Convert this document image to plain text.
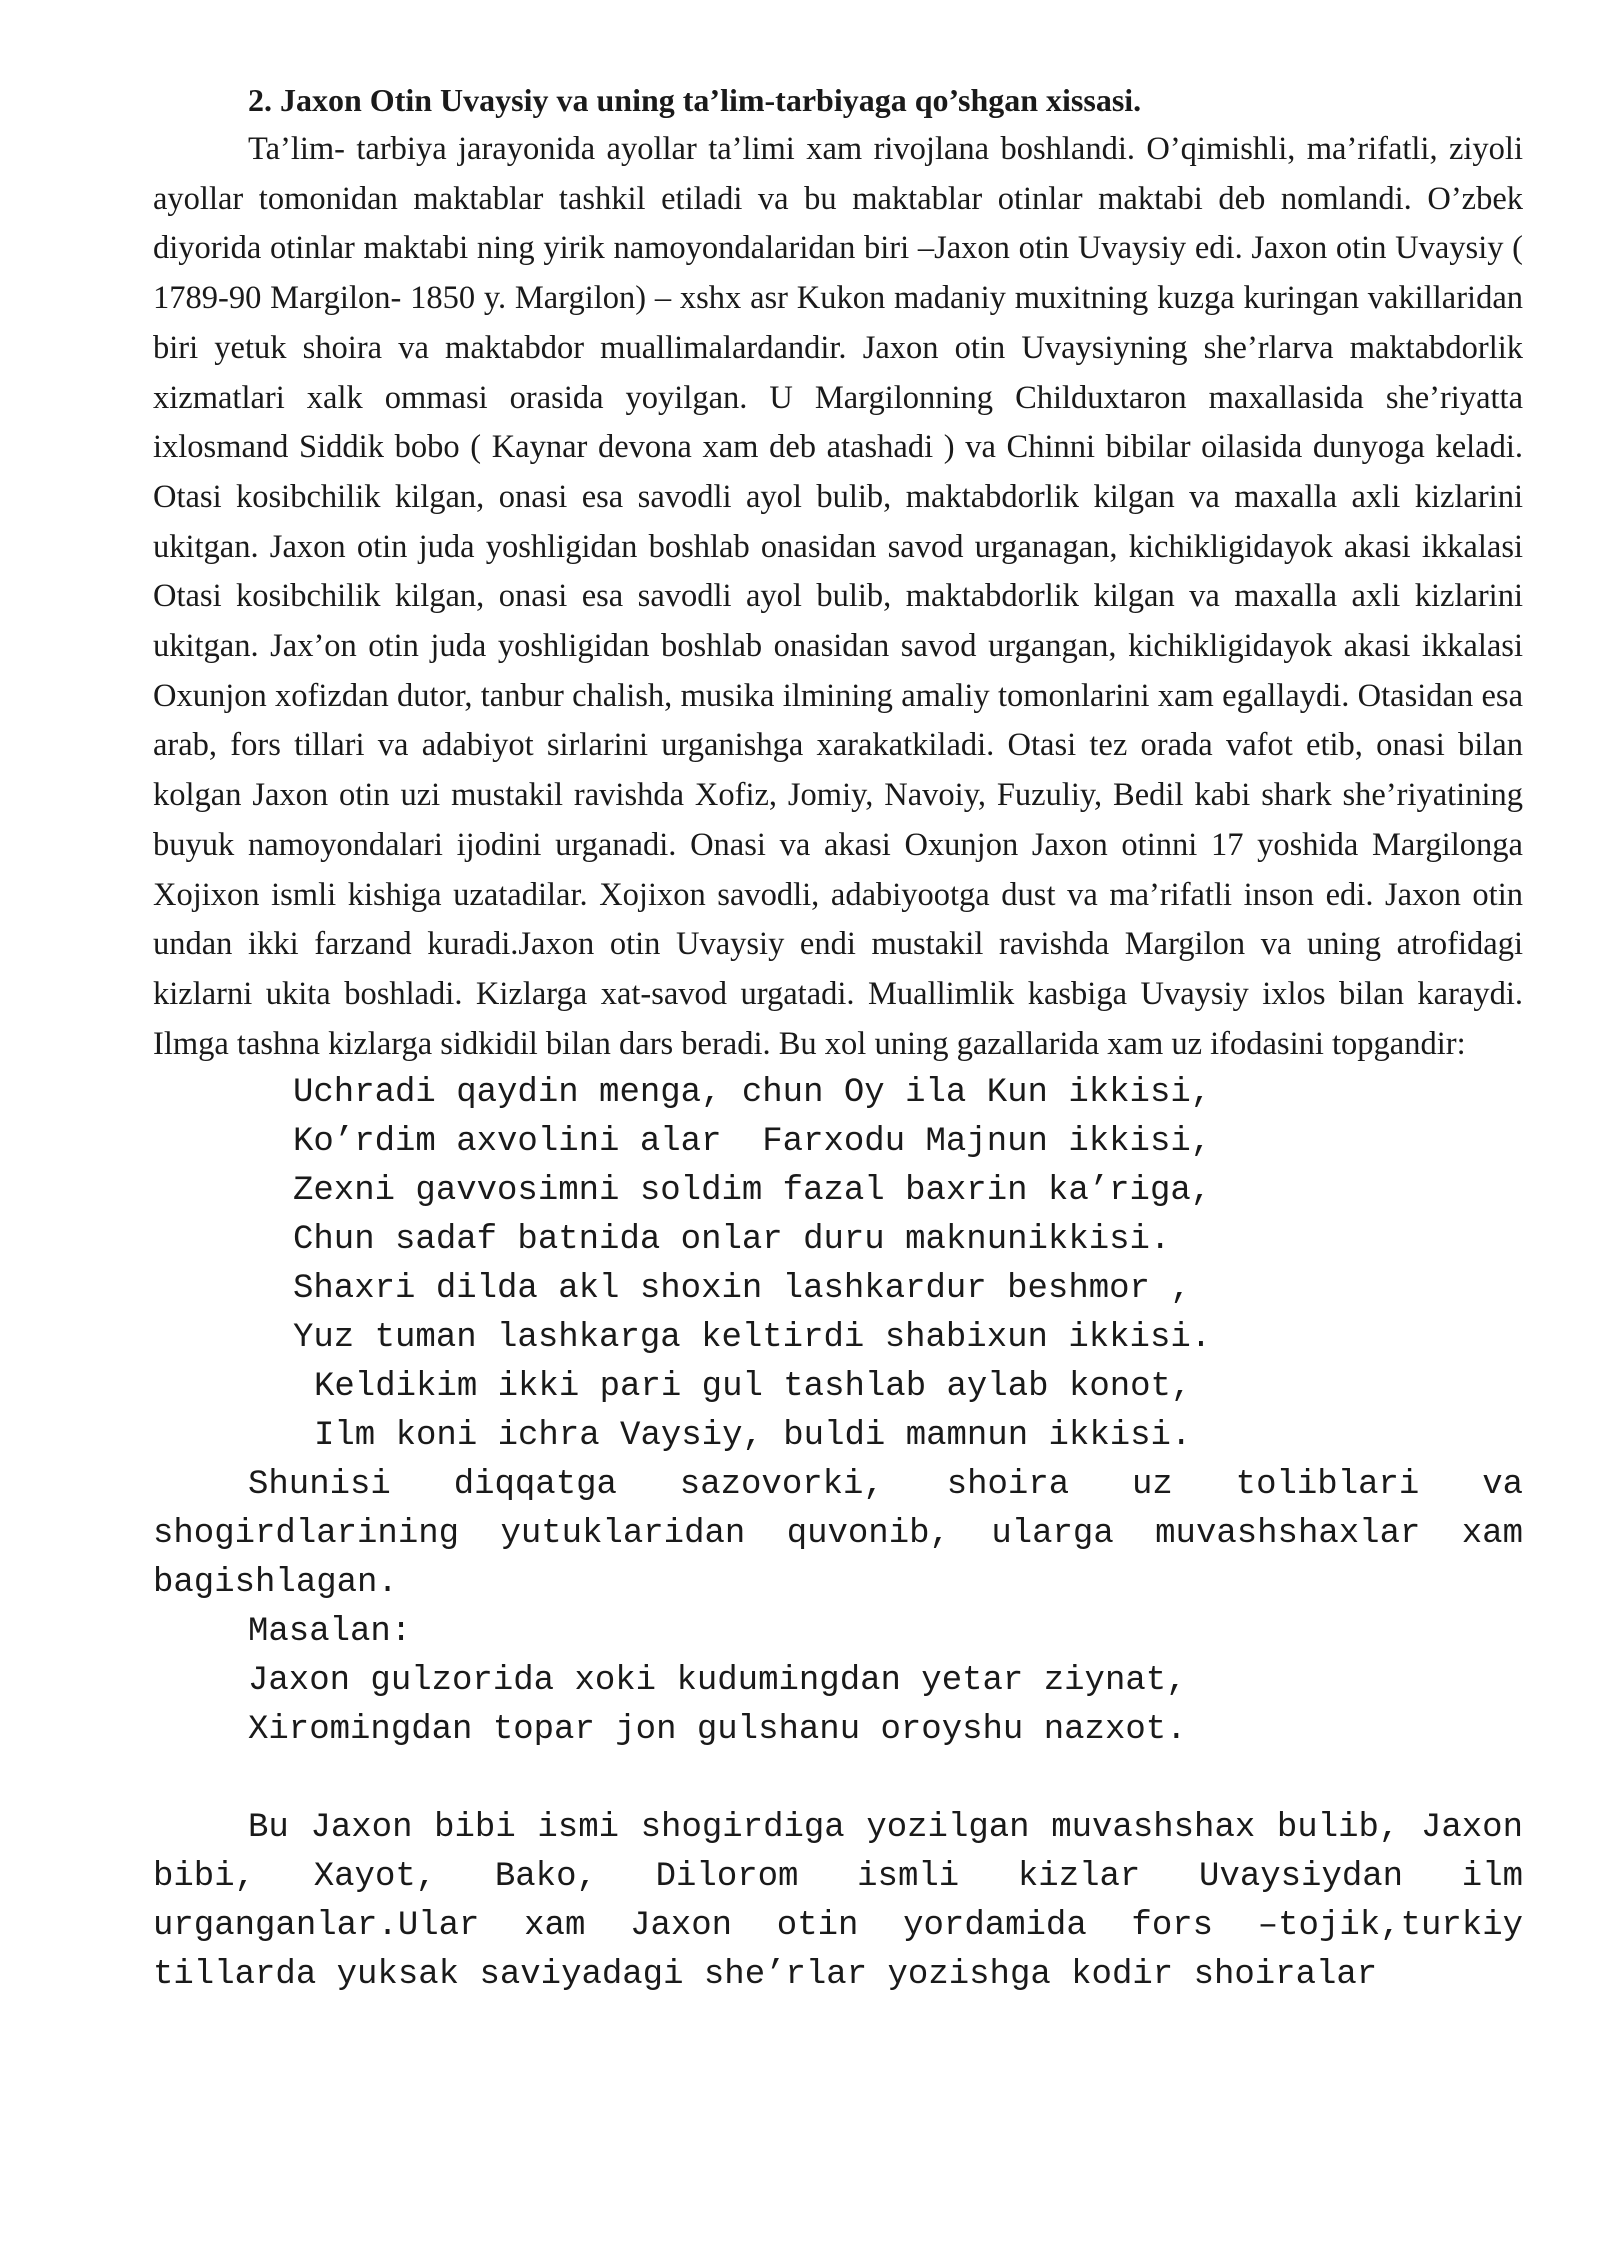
2. Jaxon Otin Uvaysiy va uning ta’lim-tarbiyaga qo’shgan xissasi.

Ta’lim- tarbiya jarayonida ayollar ta’limi xam rivojlana boshlandi. O’qimishli, ma’rifatli, ziyoli ayollar tomonidan maktablar tashkil etiladi va bu maktablar otinlar maktabi deb nomlandi. O’zbek diyorida otinlar maktabi ning yirik namoyondalaridan biri –Jaxon otin Uvaysiy edi. Jaxon otin Uvaysiy ( 1789-90 Margilon- 1850 y. Margilon) – xshx asr Kukon madaniy muxitning kuzga kuringan vakillaridan biri yetuk shoira va maktabdor muallimalardandir. Jaxon otin Uvaysiyning she’rlarva maktabdorlik xizmatlari xalk ommasi orasida yoyilgan. U Margilonning Childuxtaron maxallasida she’riyatta ixlosmand Siddik bobo ( Kaynar devona xam deb atashadi ) va Chinni bibilar oilasida dunyoga keladi. Otasi kosibchilik kilgan, onasi esa savodli ayol bulib, maktabdorlik kilgan va maxalla axli kizlarini ukitgan. Jaxon otin juda yoshligidan boshlab onasidan savod urganagan, kichikligidayok akasi ikkalasi Otasi kosibchilik kilgan, onasi esa savodli ayol bulib, maktabdorlik kilgan va maxalla axli kizlarini ukitgan. Jax’on otin juda yoshligidan boshlab onasidan savod urgangan, kichikligidayok akasi ikkalasi Oxunjon xofizdan dutor, tanbur chalish, musika ilmining amaliy tomonlarini xam egallaydi. Otasidan esa arab, fors tillari va adabiyot sirlarini urganishga xarakatkiladi. Otasi tez orada vafot etib, onasi bilan kolgan Jaxon otin uzi mustakil ravishda Xofiz, Jomiy, Navoiy, Fuzuliy, Bedil kabi shark she’riyatining buyuk namoyondalari ijodini urganadi. Onasi va akasi Oxunjon Jaxon otinni 17 yoshida Margilonga Xojixon ismli kishiga uzatadilar. Xojixon savodli, adabiyootga dust va ma’rifatli inson edi. Jaxon otin undan ikki farzand kuradi.Jaxon otin Uvaysiy endi mustakil ravishda Margilon va uning atrofidagi kizlarni ukita boshladi. Kizlarga xat-savod urgatadi. Muallimlik kasbiga Uvaysiy ixlos bilan karaydi. Ilmga tashna kizlarga sidkidil bilan dars beradi. Bu xol uning gazallarida xam uz ifodasini topgandir:

Uchradi qaydin menga, chun Oy ila Kun ikkisi,
Ko’rdim axvolini alar  Farxodu Majnun ikkisi,
Zexni gavvosimni soldim fazal baxrin ka’riga,
Chun sadaf batnida onlar duru maknunikkisi.
Shaxri dilda akl shoxin lashkardur beshmor ,
Yuz tuman lashkarga keltirdi shabixun ikkisi.
Keldikim ikki pari gul tashlab aylab konot,
Ilm koni ichra Vaysiy, buldi mamnun ikkisi.

Shunisi diqqatga sazovorki, shoira uz toliblari va shogirdlarining yutuklaridan quvonib, ularga muvashshaxlar xam bagishlagan.

Masalan:

Jaxon gulzorida xoki kudumingdan yetar ziynat,

Xiromingdan topar jon gulshanu oroyshu nazxot.

Bu Jaxon bibi ismi shogirdiga yozilgan muvashshax bulib, Jaxon bibi, Xayot, Bako, Dilorom ismli kizlar Uvaysiydan ilm urganganlar.Ular xam Jaxon otin yordamida fors –tojik,turkiy tillarda yuksak saviyadagi she’rlar yozishga kodir shoiralar
